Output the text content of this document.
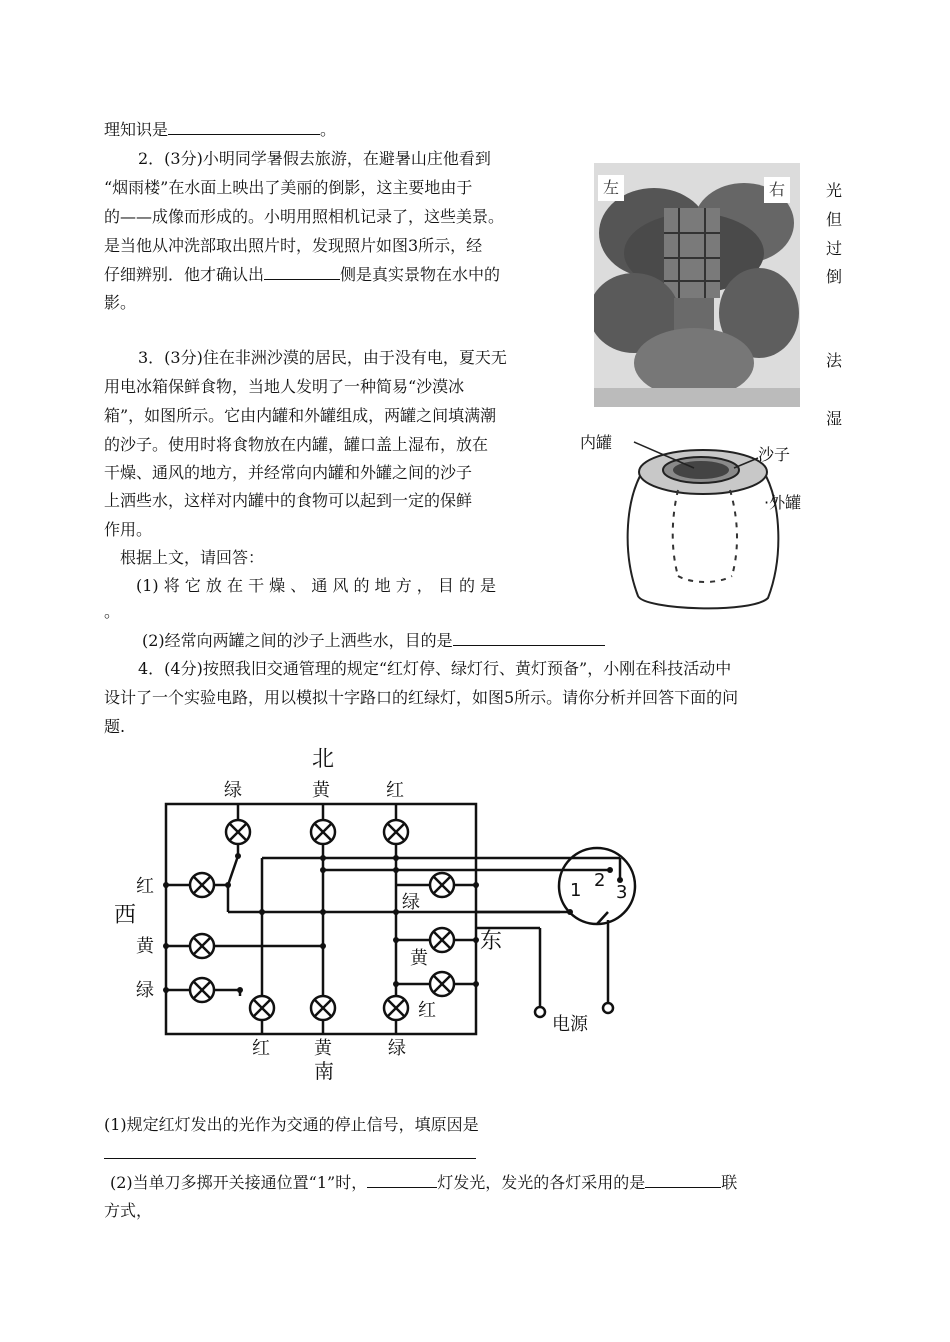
理知识是	。
2．(3分)小明同学暑假去旅游，在避暑山庄他看到
“烟雨楼”在水面上映出了美丽的倒影，这主要地由于
的——成像而形成的。小明用照相机记录了，这些美景。
是当他从冲洗部取出照片时，发现照片如图3所示，经
仔细辨别．他才确认出	侧是真实景物在水中的
影。
光
但
过
倒
左	右
3．(3分)住在非洲沙漠的居民，由于没有电，夏天无
用电冰箱保鲜食物，当地人发明了一种简易“沙漠冰
箱”，如图所示。它由内罐和外罐组成，两罐之间填满潮
的沙子。使用时将食物放在内罐，罐口盖上湿布，放在
干燥、通风的地方，并经常向内罐和外罐之间的沙子
上洒些水，这样对内罐中的食物可以起到一定的保鲜
作用。
法
湿
根据上文，请回答：
(1) 将 它 放 在 干 燥 、 通 风 的 地 方 ， 目 的 是
。
(2)经常向两罐之间的沙子上洒些水，目的是
内罐
沙子
·外罐
4．(4分)按照我旧交通管理的规定“红灯停、绿灯行、黄灯预备”，小刚在科技活动中
设计了一个实验电路，用以模拟十字路口的红绿灯，如图5所示。请你分析并回答下面的问
题.
北
绿	黄	红
红
西
黄
绿
绿
黄
东
红
红 黄
南
绿
1 2
3
电源
(1)规定红灯发出的光作为交通的停止信号，填原因是
(2)当单刀多掷开关接通位置“1”时，	灯发光，发光的各灯采用的是	联
方式，
